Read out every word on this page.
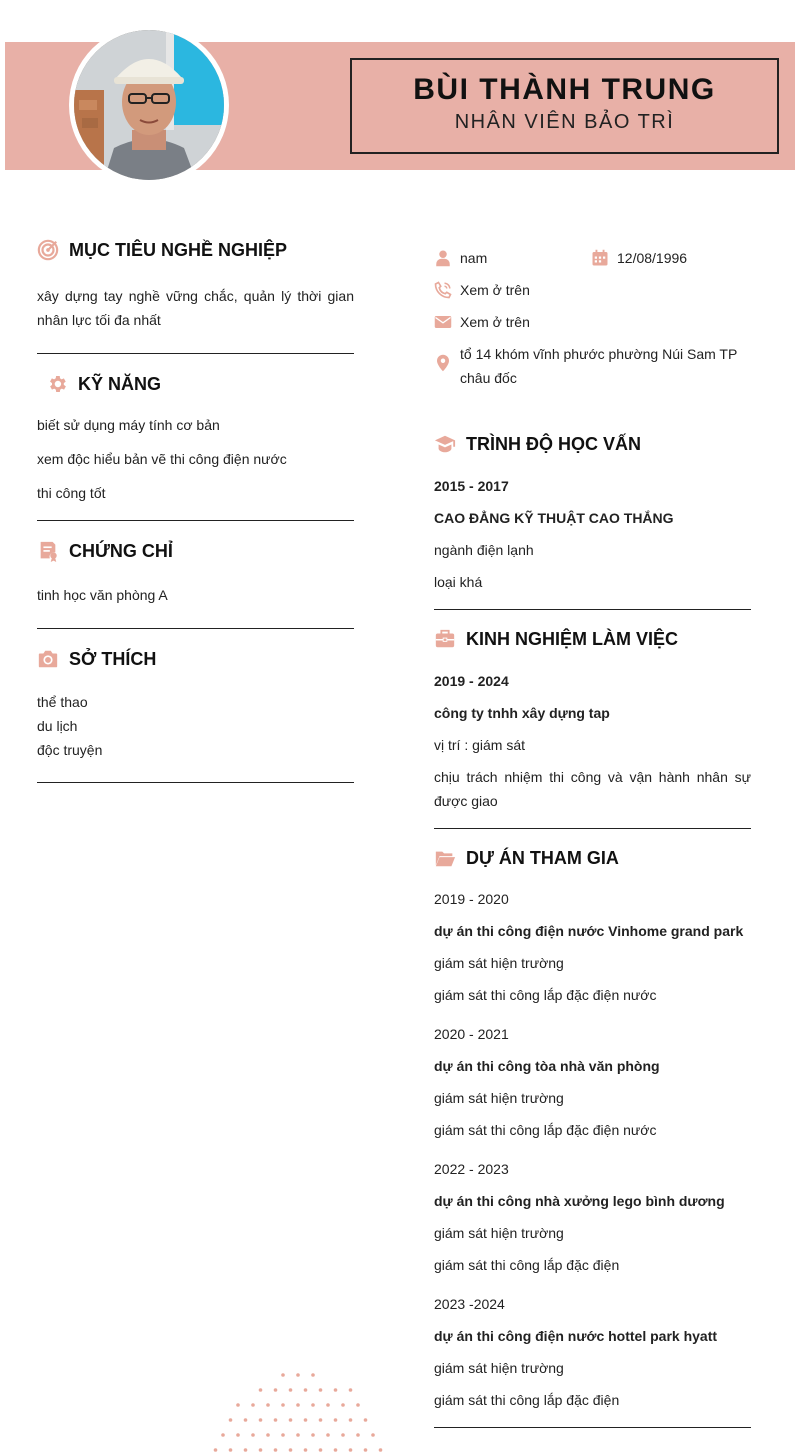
BÙI THÀNH TRUNG
NHÂN VIÊN BẢO TRÌ
MỤC TIÊU NGHỀ NGHIỆP
xây dựng tay nghề vững chắc, quản lý thời gian nhân lực tối đa nhất
KỸ NĂNG
biết sử dụng máy tính cơ bản
xem độc hiểu bản vẽ thi công điện nước
thi công tốt
CHỨNG CHỈ
tinh học văn phòng A
SỞ THÍCH
thể thao
du lịch
độc truyện
nam	12/08/1996
Xem ở trên
Xem ở trên
tổ 14 khóm vĩnh phước phường Núi Sam TP châu đốc
TRÌNH ĐỘ HỌC VẤN
2015 - 2017
CAO ĐẲNG KỸ THUẬT CAO THẮNG
ngành điện lạnh
loại khá
KINH NGHIỆM LÀM VIỆC
2019 - 2024
công ty tnhh xây dựng tap
vị trí : giám sát
chịu trách nhiệm thi công và vận hành nhân sự được giao
DỰ ÁN THAM GIA
2019 - 2020
dự án thi công điện nước Vinhome grand park
giám sát hiện trường
giám sát thi công lắp đặc điện nước
2020 - 2021
dự án thi công tòa nhà văn phòng
giám sát hiện trường
giám sát thi công lắp đặc điện nước
2022 - 2023
dự án thi công nhà xưởng lego bình dương
giám sát hiện trường
giám sát thi công lắp đặc điện
2023 -2024
dự án thi công điện nước hottel park hyatt
giám sát hiện trường
giám sát thi công lắp đặc điện
